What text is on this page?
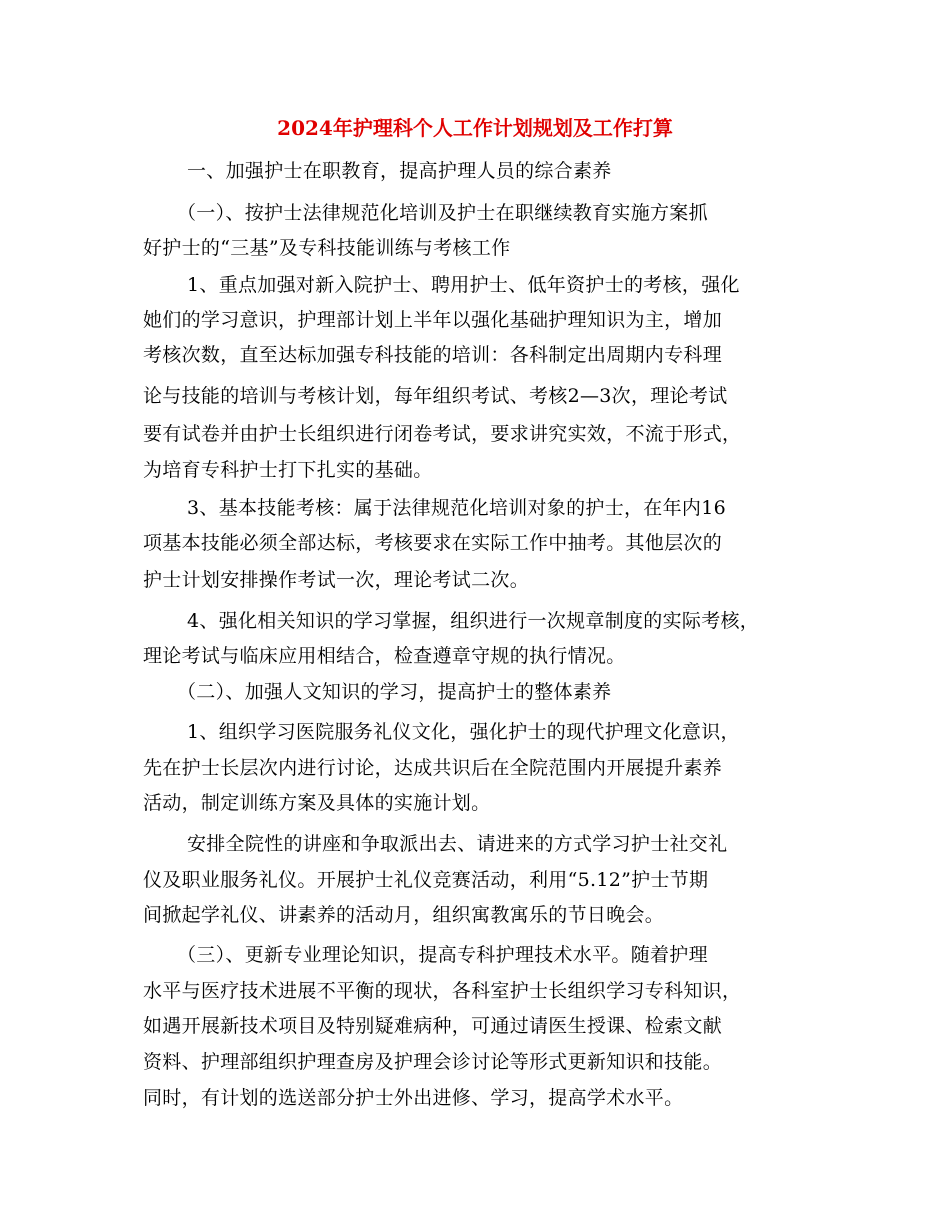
2024年护理科个人工作计划规划及工作打算

一、加强护士在职教育，提高护理人员的综合素养

（一）、按护士法律规范化培训及护士在职继续教育实施方案抓

好护士的“三基”及专科技能训练与考核工作

1、重点加强对新入院护士、聘用护士、低年资护士的考核，强化

她们的学习意识，护理部计划上半年以强化基础护理知识为主，增加

考核次数，直至达标加强专科技能的培训：各科制定出周期内专科理

论与技能的培训与考核计划，每年组织考试、考核2—3次，理论考试

要有试卷并由护士长组织进行闭卷考试，要求讲究实效，不流于形式，

为培育专科护士打下扎实的基础。

3、基本技能考核：属于法律规范化培训对象的护士，在年内16

项基本技能必须全部达标，考核要求在实际工作中抽考。其他层次的

护士计划安排操作考试一次，理论考试二次。

4、强化相关知识的学习掌握，组织进行一次规章制度的实际考核，

理论考试与临床应用相结合，检查遵章守规的执行情况。

（二）、加强人文知识的学习，提高护士的整体素养

1、组织学习医院服务礼仪文化，强化护士的现代护理文化意识，

先在护士长层次内进行讨论，达成共识后在全院范围内开展提升素养

活动，制定训练方案及具体的实施计划。

安排全院性的讲座和争取派出去、请进来的方式学习护士社交礼

仪及职业服务礼仪。开展护士礼仪竞赛活动，利用“5.12”护士节期

间掀起学礼仪、讲素养的活动月，组织寓教寓乐的节日晚会。

（三）、更新专业理论知识，提高专科护理技术水平。随着护理

水平与医疗技术进展不平衡的现状，各科室护士长组织学习专科知识，

如遇开展新技术项目及特别疑难病种，可通过请医生授课、检索文献

资料、护理部组织护理查房及护理会诊讨论等形式更新知识和技能。

同时，有计划的选送部分护士外出进修、学习，提高学术水平。
